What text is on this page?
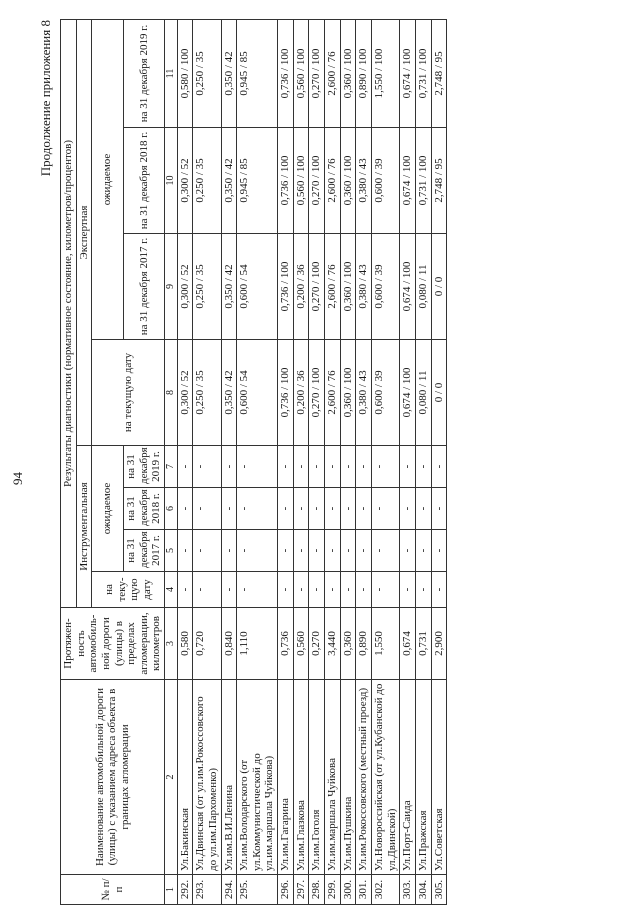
94
Продолжение приложения 8
№ п/п	Наименование автомобильной дороги (улицы) с указанием адреса объекта в границах агломерации	Протяжен-ность автомобиль-ной дороги (улицы) в пределах агломерации, километров	Результаты диагностики (нормативное состояние, километров/процентов)							
			Инструментальная				Экспертная			
			на теку-щую дату	ожидаемое			на текущую дату	ожидаемое		
				на 31 декабря 2017 г.	на 31 декабря 2018 г.	на 31 декабря 2019 г.		на 31 декабря 2017 г.	на 31 декабря 2018 г.	на 31 декабря 2019 г.
1	2	3	4	5	6	7	8	9	10	11
292.	Ул.Бакинская	0,580	-	-	-	-	0,300 / 52	0,300 / 52	0,300 / 52	0,580 / 100
293.	Ул.Двинская (от ул.им.Рокоссовского до ул.им.Пархоменко)	0,720	-	-	-	-	0,250 / 35	0,250 / 35	0,250 / 35	0,250 / 35
294.	Ул.им.В.И.Ленина	0,840	-	-	-	-	0,350 / 42	0,350 / 42	0,350 / 42	0,350 / 42
295.	Ул.им.Володарского (от ул.Коммунистической до ул.им.маршала Чуйкова)	1,110	-	-	-	-	0,600 / 54	0,600 / 54	0,945 / 85	0,945 / 85
296.	Ул.им.Гагарина	0,736	-	-	-	-	0,736 / 100	0,736 / 100	0,736 / 100	0,736 / 100
297.	Ул.им.Глазкова	0,560	-	-	-	-	0,200 / 36	0,200 / 36	0,560 / 100	0,560 / 100
298.	Ул.им.Гоголя	0,270	-	-	-	-	0,270 / 100	0,270 / 100	0,270 / 100	0,270 / 100
299.	Ул.им.маршала Чуйкова	3,440	-	-	-	-	2,600 / 76	2,600 / 76	2,600 / 76	2,600 / 76
300.	Ул.им.Пушкина	0,360	-	-	-	-	0,360 / 100	0,360 / 100	0,360 / 100	0,360 / 100
301.	Ул.им.Рокоссовского (местный проезд)	0,890	-	-	-	-	0,380 / 43	0,380 / 43	0,380 / 43	0,890 / 100
302.	Ул.Новороссийская (от ул.Кубанской до ул.Двинской)	1,550	-	-	-	-	0,600 / 39	0,600 / 39	0,600 / 39	1,550 / 100
303.	Ул.Порт-Саида	0,674	-	-	-	-	0,674 / 100	0,674 / 100	0,674 / 100	0,674 / 100
304.	Ул.Пражская	0,731	-	-	-	-	0,080 / 11	0,080 / 11	0,731 / 100	0,731 / 100
305.	Ул.Советская	2,900	-	-	-	-	0 / 0	0 / 0	2,748 / 95	2,748 / 95
